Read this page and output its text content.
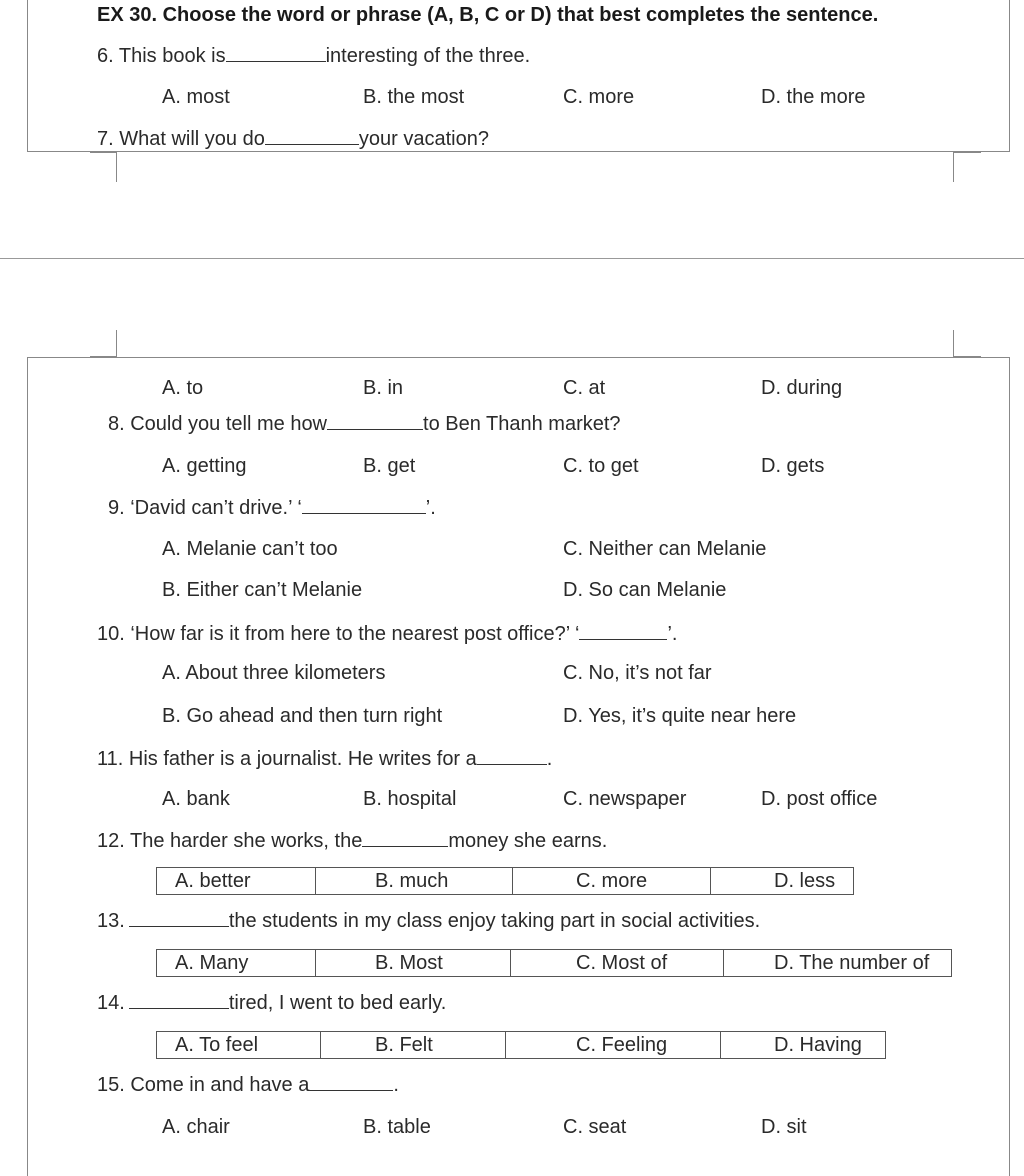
EX 30. Choose the word or phrase (A, B, C or D) that best completes the sentence.
6. This book is	interesting of the three.
A. most	B. the most	C. more	D. the more
7. What will you do	your vacation?
A. to	B. in	C. at	D. during
8. Could you tell me how	to Ben Thanh market?
A. getting	B. get	C. to get	D. gets
9. ‘David can’t drive.’ ‘	’.
A. Melanie can’t too
B. Either can’t Melanie
C. Neither can Melanie
D. So can Melanie
10. ‘How far is it from here to the nearest post office?’ ‘	’.
A. About three kilometers
B. Go ahead and then turn right
C. No, it’s not far
D. Yes, it’s quite near here
11. His father is a journalist. He writes for a	.
A. bank	B. hospital	C. newspaper	D. post office
12. The harder she works, the	money she earns.
A. better	B. much	C. more	D. less
13.	the students in my class enjoy taking part in social activities.
A. Many	B. Most	C. Most of	D. The number of
14.	tired, I went to bed early.
A. To feel	B. Felt	C. Feeling	D. Having
15. Come in and have a	.
A. chair	B. table	C. seat	D. sit
